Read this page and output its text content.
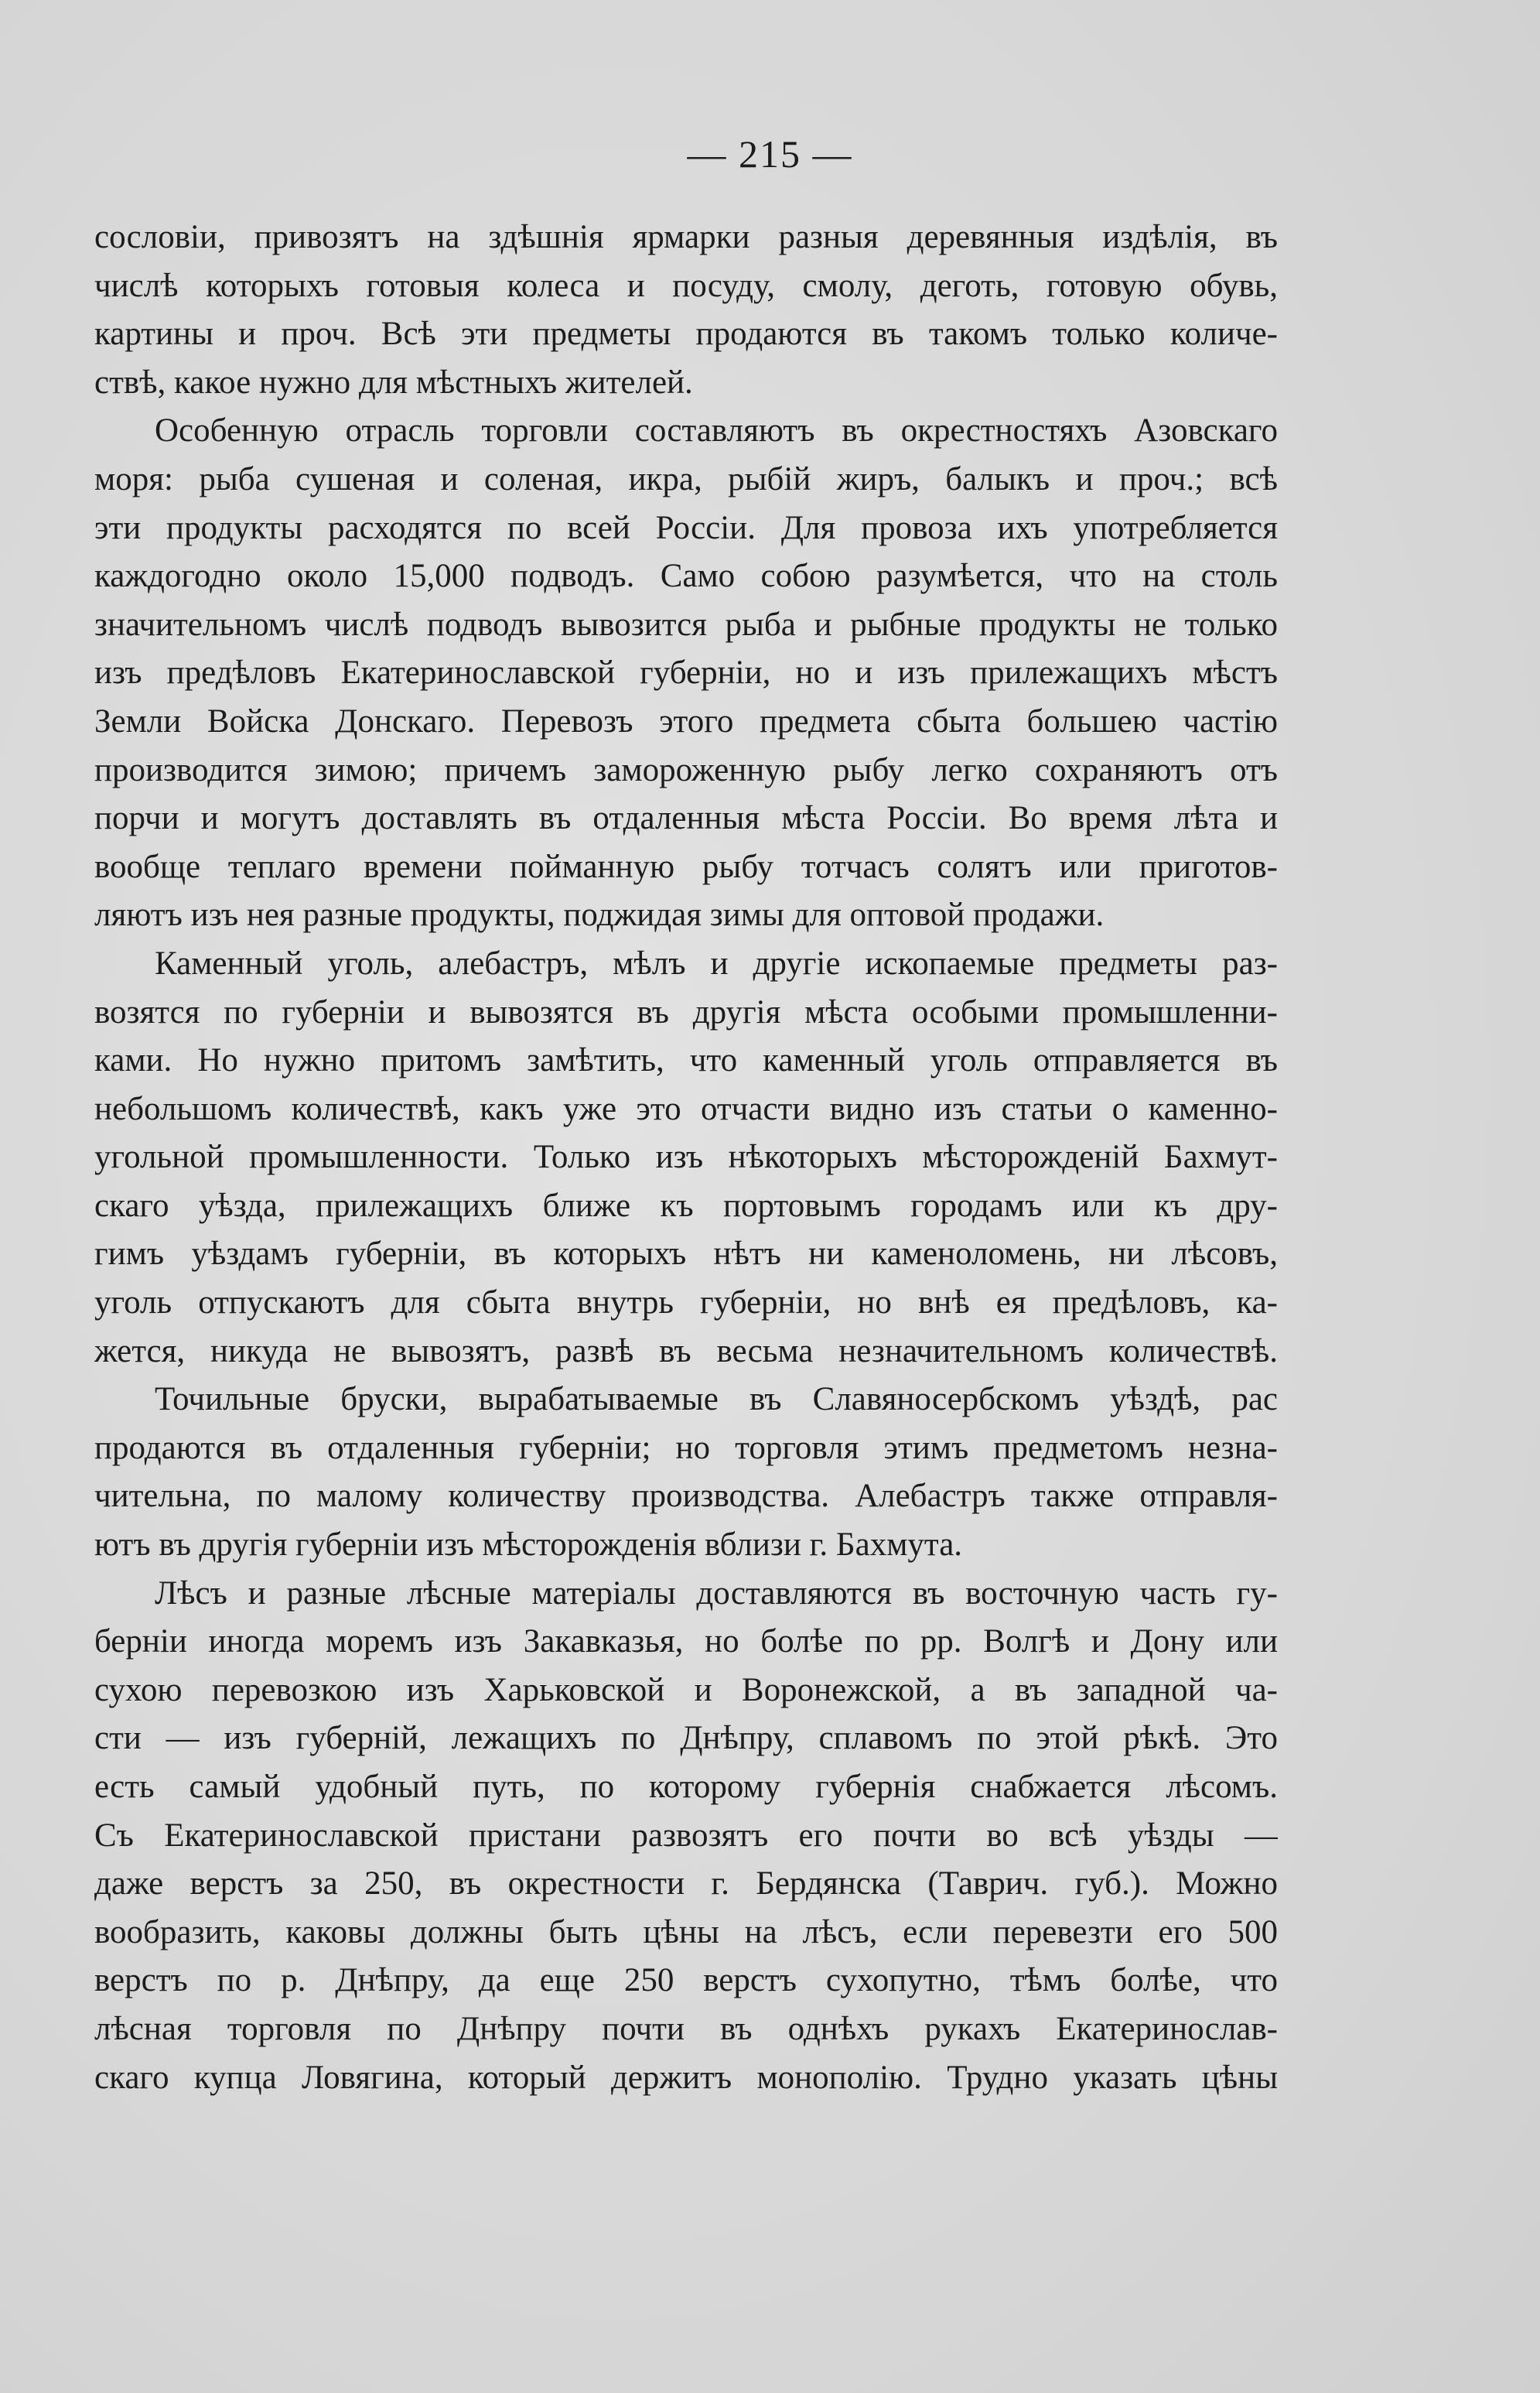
— 215 —
сословіи, привозятъ на здѣшнія ярмарки разныя деревянныя издѣлія, въ
числѣ которыхъ готовыя колеса и посуду, смолу, деготь, готовую обувь,
картины и проч. Всѣ эти предметы продаются въ такомъ только количе-
ствѣ, какое нужно для мѣстныхъ жителей.
Особенную отрасль торговли составляютъ въ окрестностяхъ Азовскаго
моря: рыба сушеная и соленая, икра, рыбій жиръ, балыкъ и проч.; всѣ
эти продукты расходятся по всей Россіи. Для провоза ихъ употребляется
каждогодно около 15,000 подводъ. Само собою разумѣется, что на столь
значительномъ числѣ подводъ вывозится рыба и рыбные продукты не только
изъ предѣловъ Екатеринославской губерніи, но и изъ прилежащихъ мѣстъ
Земли Войска Донскаго. Перевозъ этого предмета сбыта большею частію
производится зимою; причемъ замороженную рыбу легко сохраняютъ отъ
порчи и могутъ доставлять въ отдаленныя мѣста Россіи. Во время лѣта и
вообще теплаго времени пойманную рыбу тотчасъ солятъ или приготов-
ляютъ изъ нея разные продукты, поджидая зимы для оптовой продажи.
Каменный уголь, алебастръ, мѣлъ и другіе ископаемые предметы раз-
возятся по губерніи и вывозятся въ другія мѣста особыми промышленни-
ками. Но нужно притомъ замѣтить, что каменный уголь отправляется въ
небольшомъ количествѣ, какъ уже это отчасти видно изъ статьи о каменно-
угольной промышленности. Только изъ нѣкоторыхъ мѣсторожденій Бахмут-
скаго уѣзда, прилежащихъ ближе къ портовымъ городамъ или къ дру-
гимъ уѣздамъ губерніи, въ которыхъ нѣтъ ни каменоломень, ни лѣсовъ,
уголь отпускаютъ для сбыта внутрь губерніи, но внѣ ея предѣловъ, ка-
жется, никуда не вывозятъ, развѣ въ весьма незначительномъ количествѣ.
Точильные бруски, вырабатываемые въ Славяносербскомъ уѣздѣ, рас
продаются въ отдаленныя губерніи; но торговля этимъ предметомъ незна-
чительна, по малому количеству производства. Алебастръ также отправля-
ютъ въ другія губерніи изъ мѣсторожденія вблизи г. Бахмута.
Лѣсъ и разные лѣсные матеріалы доставляются въ восточную часть гу-
берніи иногда моремъ изъ Закавказья, но болѣе по рр. Волгѣ и Дону или
сухою перевозкою изъ Харьковской и Воронежской, а въ западной ча-
сти — изъ губерній, лежащихъ по Днѣпру, сплавомъ по этой рѣкѣ. Это
есть самый удобный путь, по которому губернія снабжается лѣсомъ.
Съ Екатеринославской пристани развозятъ его почти во всѣ уѣзды —
даже верстъ за 250, въ окрестности г. Бердянска (Таврич. губ.). Можно
вообразить, каковы должны быть цѣны на лѣсъ, если перевезти его 500
верстъ по р. Днѣпру, да еще 250 верстъ сухопутно, тѣмъ болѣе, что
лѣсная торговля по Днѣпру почти въ однѣхъ рукахъ Екатеринослав-
скаго купца Ловягина, который держитъ монополію. Трудно указать цѣны
